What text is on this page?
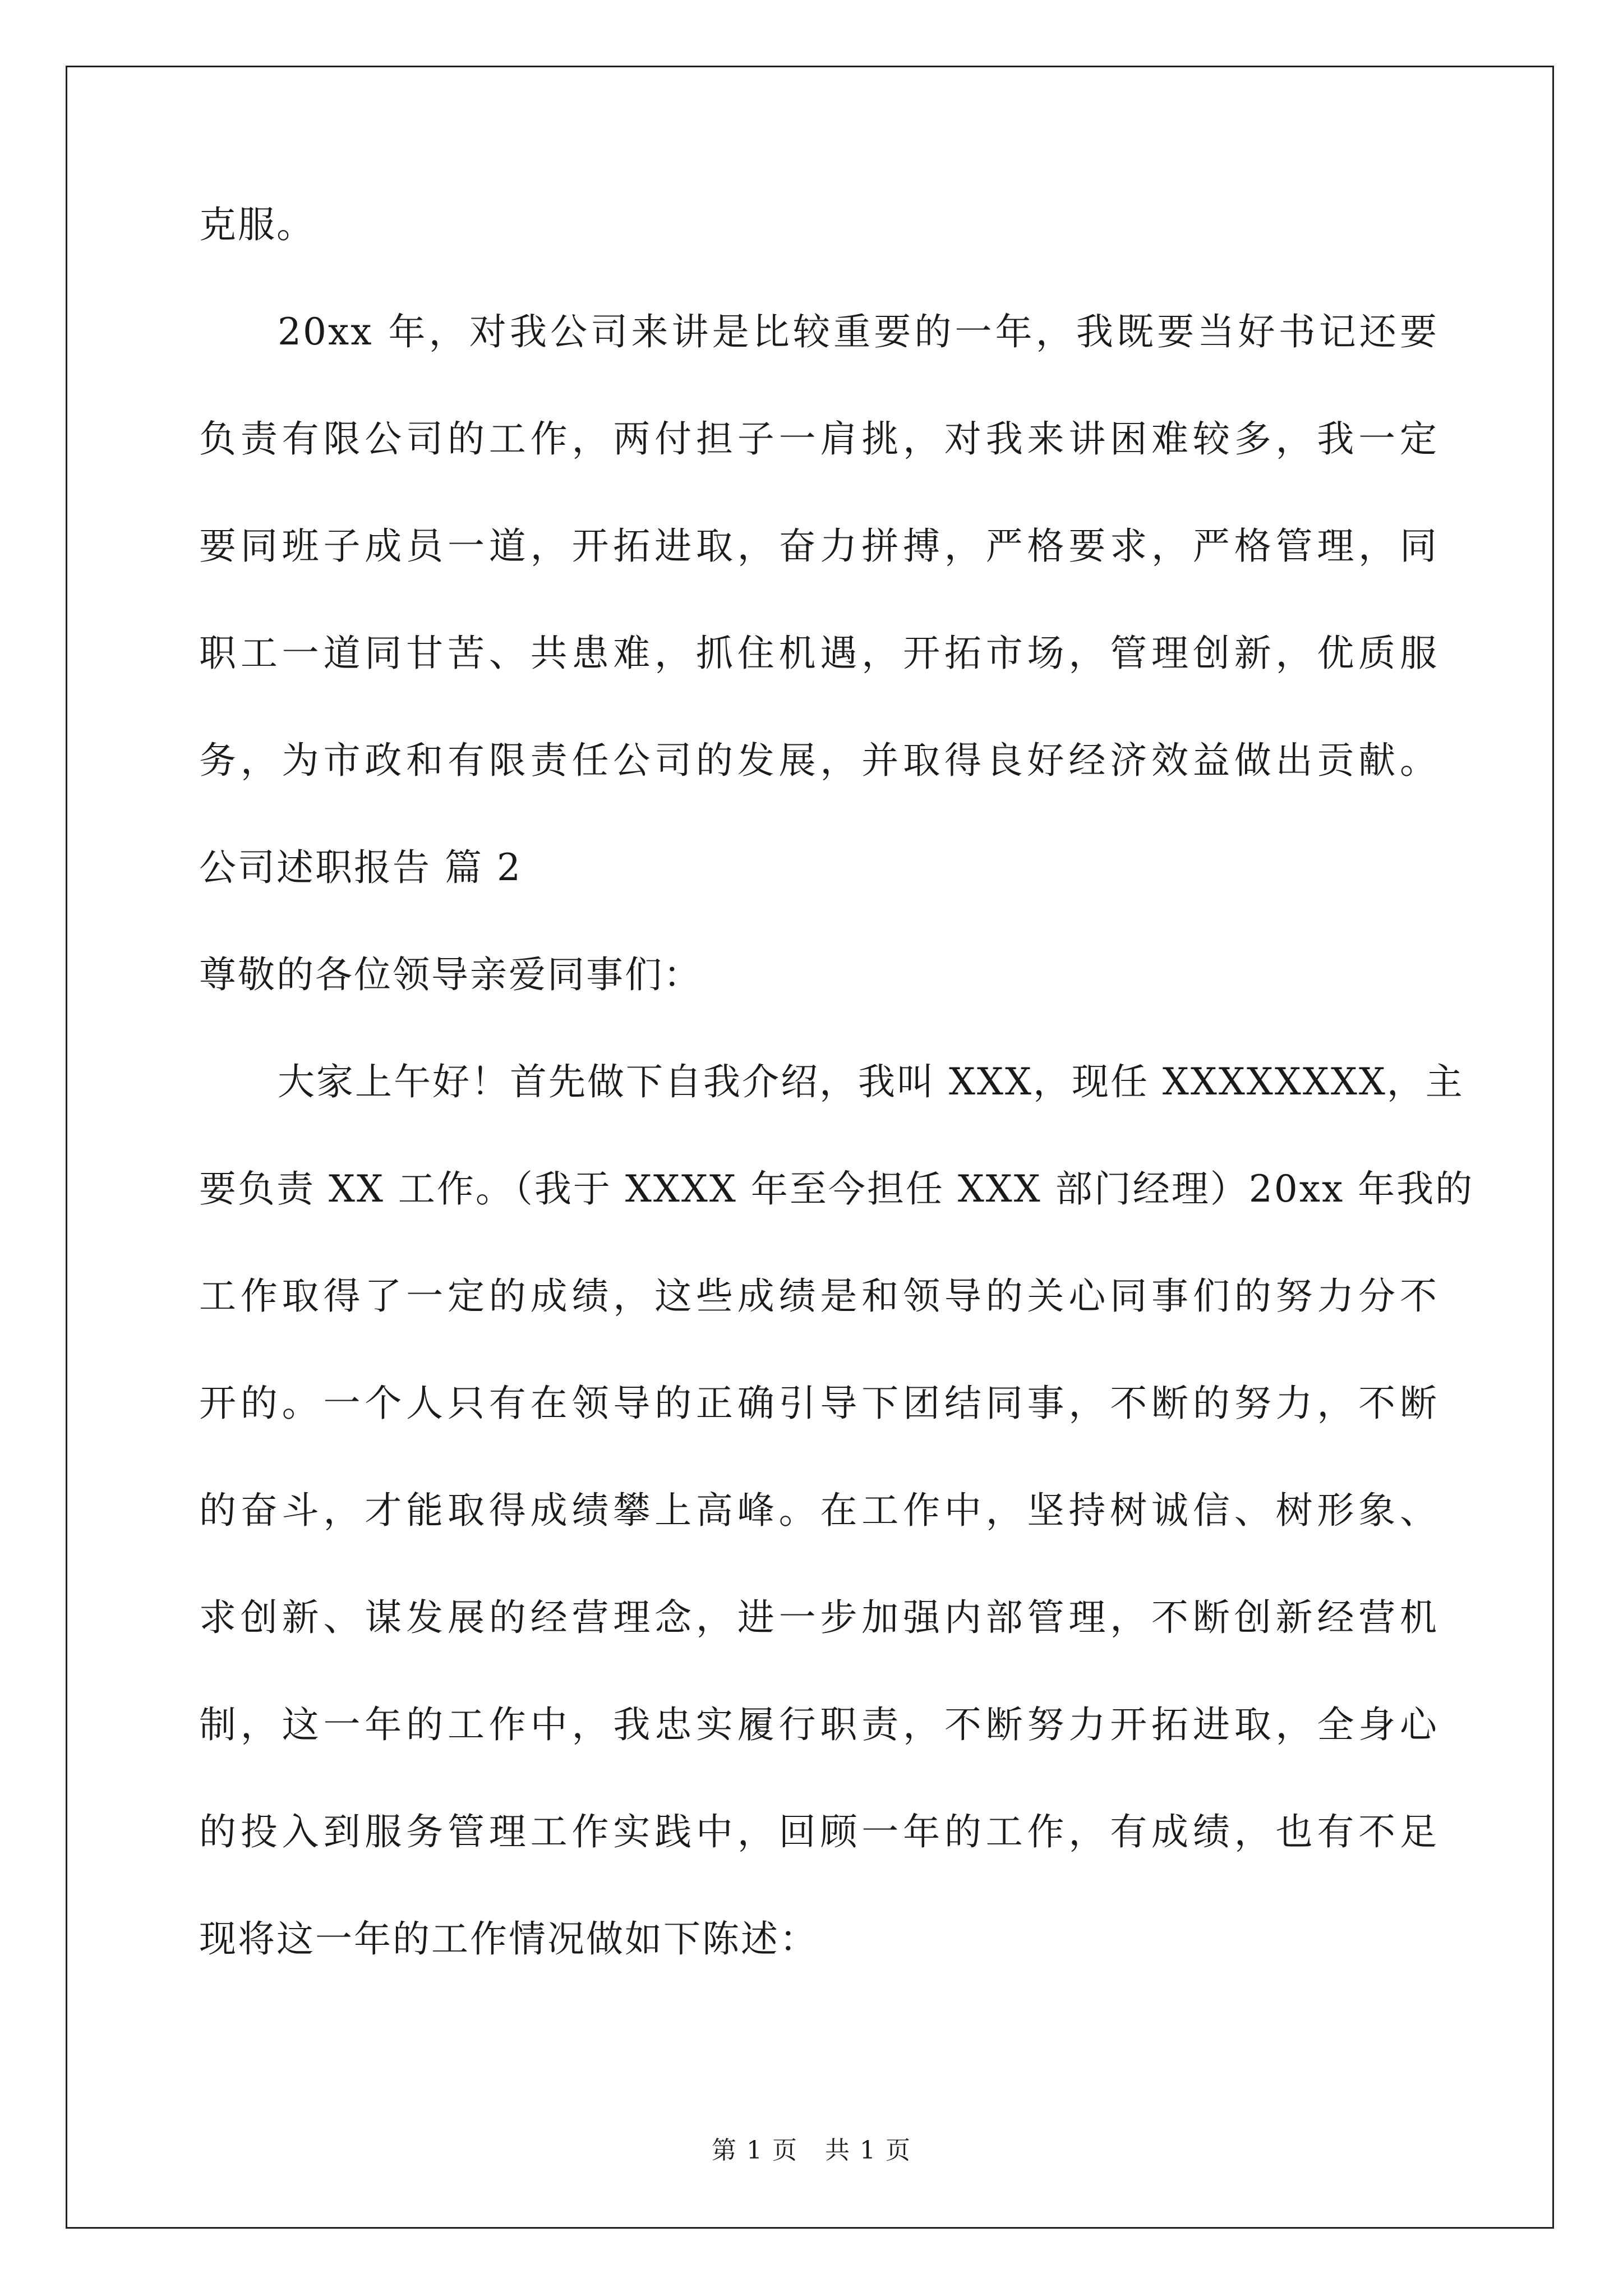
克服。
20xx 年，对我公司来讲是比较重要的一年，我既要当好书记还要
负责有限公司的工作，两付担子一肩挑，对我来讲困难较多，我一定
要同班子成员一道，开拓进取，奋力拼搏，严格要求，严格管理，同
职工一道同甘苦、共患难，抓住机遇，开拓市场，管理创新，优质服
务，为市政和有限责任公司的发展，并取得良好经济效益做出贡献。
公司述职报告 篇 2
尊敬的各位领导亲爱同事们：
大家上午好！首先做下自我介绍，我叫 XXX，现任 XXXXXXXX，主
要负责 XX 工作。（我于 XXXX 年至今担任 XXX 部门经理）20xx 年我的
工作取得了一定的成绩，这些成绩是和领导的关心同事们的努力分不
开的。一个人只有在领导的正确引导下团结同事，不断的努力，不断
的奋斗，才能取得成绩攀上高峰。在工作中，坚持树诚信、树形象、
求创新、谋发展的经营理念，进一步加强内部管理，不断创新经营机
制，这一年的工作中，我忠实履行职责，不断努力开拓进取，全身心
的投入到服务管理工作实践中，回顾一年的工作，有成绩，也有不足
现将这一年的工作情况做如下陈述：
第 1 页 共 1 页
